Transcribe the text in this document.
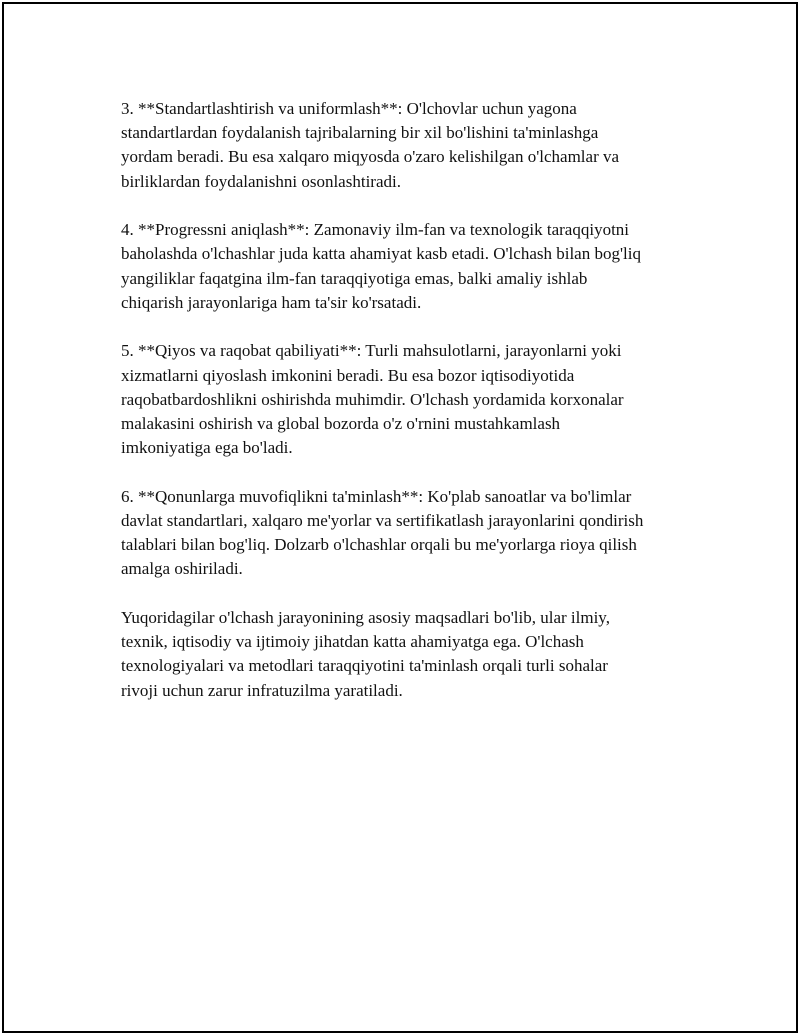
3. **Standartlashtirish va uniformlash**: O'lchovlar uchun yagona
standartlardan foydalanish tajribalarning bir xil bo'lishini ta'minlashga
yordam beradi. Bu esa xalqaro miqyosda o'zaro kelishilgan o'lchamlar va
birliklardan foydalanishni osonlashtiradi.

4. **Progressni aniqlash**: Zamonaviy ilm-fan va texnologik taraqqiyotni
baholashda o'lchashlar juda katta ahamiyat kasb etadi. O'lchash bilan bog'liq
yangiliklar faqatgina ilm-fan taraqqiyotiga emas, balki amaliy ishlab
chiqarish jarayonlariga ham ta'sir ko'rsatadi.

5. **Qiyos va raqobat qabiliyati**: Turli mahsulotlarni, jarayonlarni yoki
xizmatlarni qiyoslash imkonini beradi. Bu esa bozor iqtisodiyotida
raqobatbardoshlikni oshirishda muhimdir. O'lchash yordamida korxonalar
malakasini oshirish va global bozorda o'z o'rnini mustahkamlash
imkoniyatiga ega bo'ladi.

6. **Qonunlarga muvofiqlikni ta'minlash**: Ko'plab sanoatlar va bo'limlar
davlat standartlari, xalqaro me'yorlar va sertifikatlash jarayonlarini qondirish
talablari bilan bog'liq. Dolzarb o'lchashlar orqali bu me'yorlarga rioya qilish
amalga oshiriladi.

Yuqoridagilar o'lchash jarayonining asosiy maqsadlari bo'lib, ular ilmiy,
texnik, iqtisodiy va ijtimoiy jihatdan katta ahamiyatga ega. O'lchash
texnologiyalari va metodlari taraqqiyotini ta'minlash orqali turli sohalar
rivoji uchun zarur infratuzilma yaratiladi.
